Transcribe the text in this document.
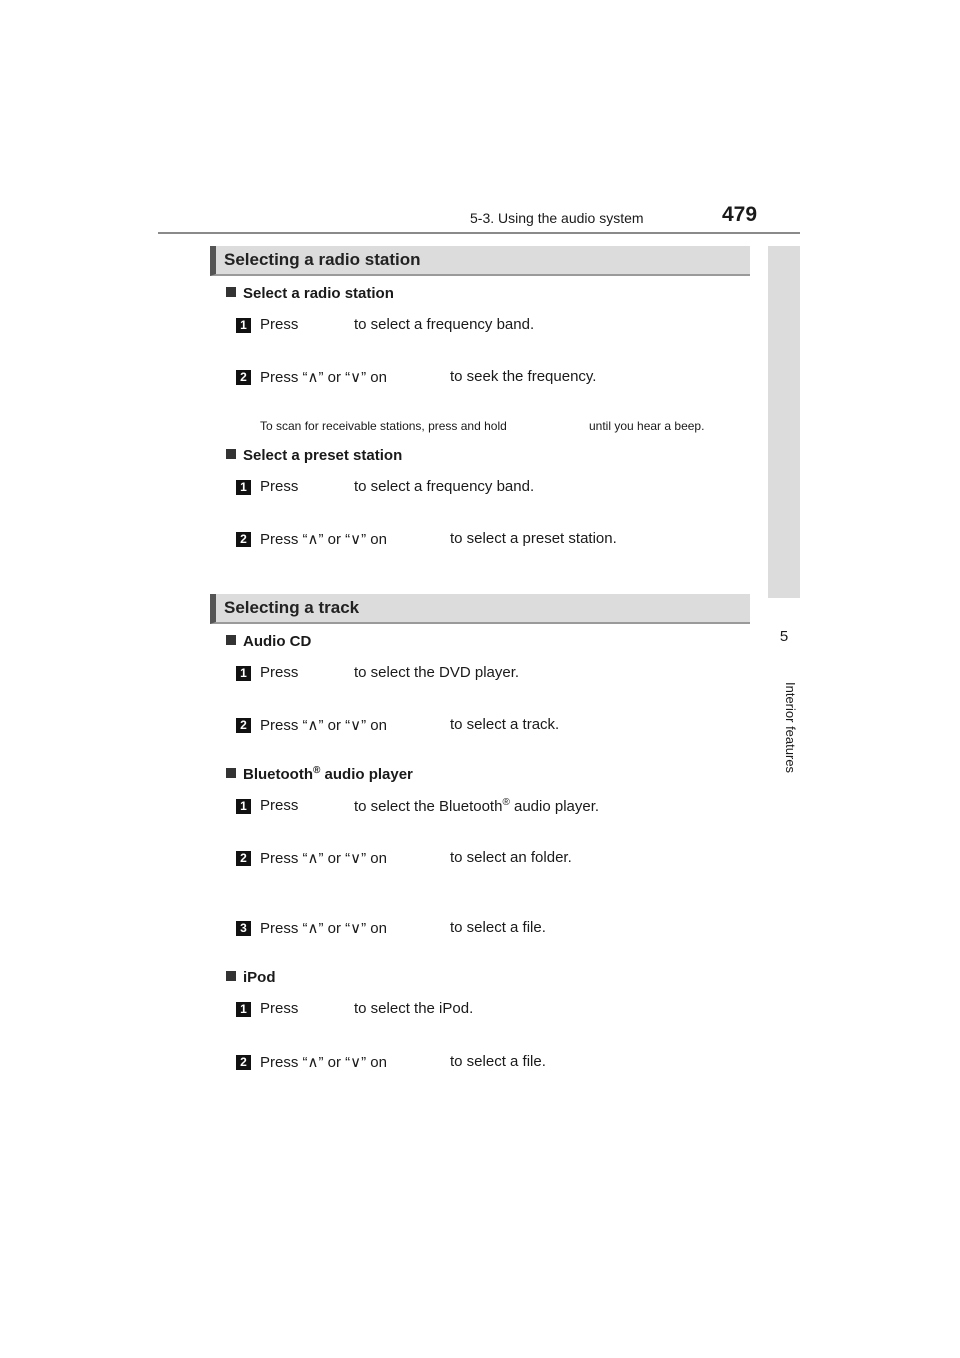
5-3. Using the audio system	479
5
Interior features
Selecting a radio station
Select a radio station
1 Press	to select a frequency band.
2 Press “∧” or “∨” on	to seek the frequency.
To scan for receivable stations, press and hold	until you hear a beep.
Select a preset station
1 Press	to select a frequency band.
2 Press “∧” or “∨” on	to select a preset station.
Selecting a track
Audio CD
1 Press	to select the DVD player.
2 Press “∧” or “∨” on	to select a track.
Bluetooth® audio player
1 Press	to select the Bluetooth® audio player.
2 Press “∧” or “∨” on	to select an folder.
3 Press “∧” or “∨” on	to select a file.
iPod
1 Press	to select the iPod.
2 Press “∧” or “∨” on	to select a file.
